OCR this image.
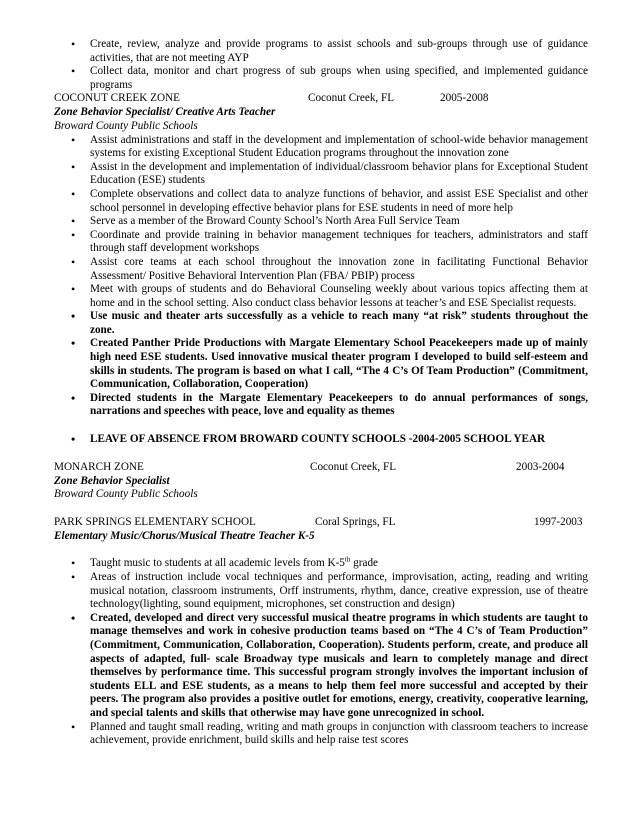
• Create, review, analyze and provide programs to assist schools and sub-groups through use of guidance activities, that are not meeting AYP
• Collect data, monitor and chart progress of sub groups when using specified, and implemented guidance programs
COCONUT CREEK ZONE	Coconut Creek, FL	2005-2008
Zone Behavior Specialist/ Creative Arts Teacher
Broward County Public Schools
• Assist administrations and staff in the development and implementation of school-wide behavior management systems for existing Exceptional Student Education programs throughout the innovation zone
• Assist in the development and implementation of individual/classroom behavior plans for Exceptional Student Education (ESE) students
• Complete observations and collect data to analyze functions of behavior, and assist ESE Specialist and other school personnel in developing effective behavior plans for ESE students in need of more help
• Serve as a member of the Broward County School’s North Area Full Service Team
• Coordinate and provide training in behavior management techniques for teachers, administrators and staff through staff development workshops
• Assist core teams at each school throughout the innovation zone in facilitating Functional Behavior Assessment/ Positive Behavioral Intervention Plan (FBA/ PBIP) process
• Meet with groups of students and do Behavioral Counseling weekly about various topics affecting them at home and in the school setting. Also conduct class behavior lessons at teacher’s and ESE Specialist requests.
• Use music and theater arts successfully as a vehicle to reach many “at risk” students throughout the zone.
• Created Panther Pride Productions with Margate Elementary School Peacekeepers made up of mainly high need ESE students. Used innovative musical theater program I developed to build self-esteem and skills in students. The program is based on what I call, “The 4 C’s Of Team Production” (Commitment, Communication, Collaboration, Cooperation)
• Directed students in the Margate Elementary Peacekeepers to do annual performances of songs, narrations and speeches with peace, love and equality as themes
• LEAVE OF ABSENCE FROM BROWARD COUNTY SCHOOLS -2004-2005 SCHOOL YEAR
MONARCH ZONE	Coconut Creek, FL	2003-2004
Zone Behavior Specialist
Broward County Public Schools
PARK SPRINGS ELEMENTARY SCHOOL	Coral Springs, FL	1997-2003
Elementary Music/Chorus/Musical Theatre Teacher K-5
• Taught music to students at all academic levels from K-5th grade
• Areas of instruction include vocal techniques and performance, improvisation, acting, reading and writing musical notation, classroom instruments, Orff instruments, rhythm, dance, creative expression, use of theatre technology(lighting, sound equipment, microphones, set construction and design)
• Created, developed and direct very successful musical theatre programs in which students are taught to manage themselves and work in cohesive production teams based on “The 4 C’s of Team Production” (Commitment, Communication, Collaboration, Cooperation). Students perform, create, and produce all aspects of adapted, full- scale Broadway type musicals and learn to completely manage and direct themselves by performance time. This successful program strongly involves the important inclusion of students ELL and ESE students, as a means to help them feel more successful and accepted by their peers. The program also provides a positive outlet for emotions, energy, creativity, cooperative learning, and special talents and skills that otherwise may have gone unrecognized in school.
• Planned and taught small reading, writing and math groups in conjunction with classroom teachers to increase achievement, provide enrichment, build skills and help raise test scores
